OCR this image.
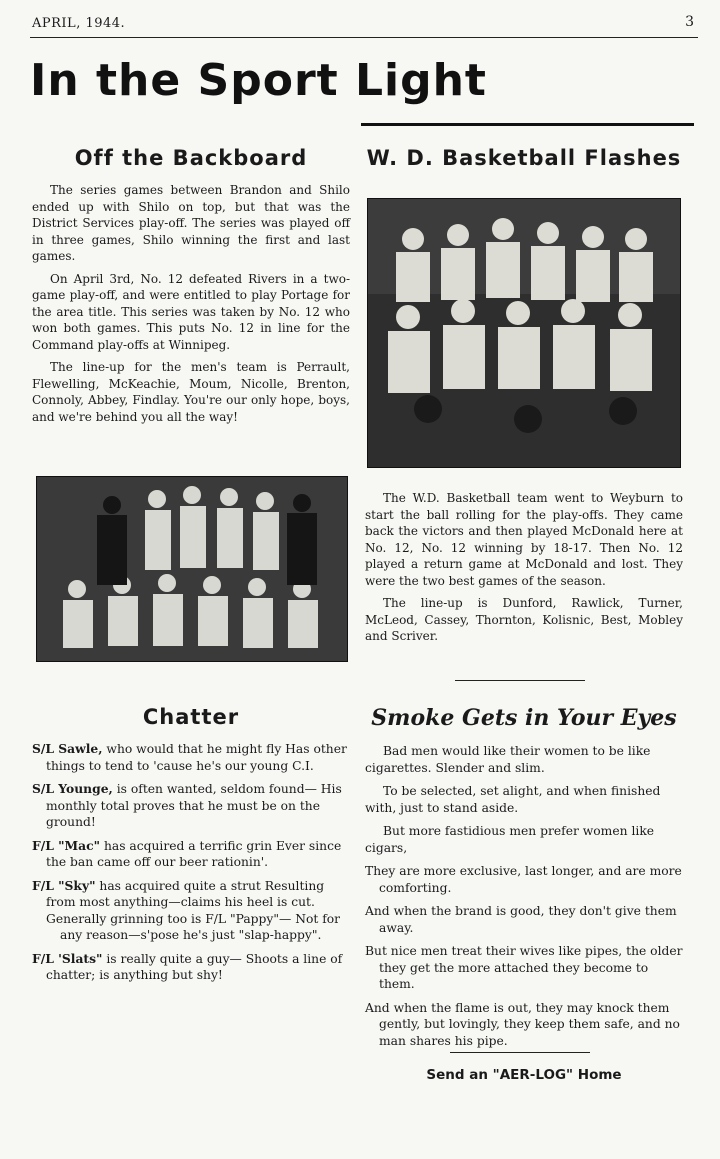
APRIL, 1944.	3
In the Sport Light
Off the Backboard

The series games between Brandon and Shilo ended up with Shilo on top, but that was the District Services play-off. The series was played off in three games, Shilo winning the first and last games.

On April 3rd, No. 12 defeated Rivers in a two-game play-off, and were entitled to play Portage for the area title. This series was taken by No. 12 who won both games. This puts No. 12 in line for the Command play-offs at Winnipeg.

The line-up for the men's team is Perrault, Flewelling, McKeachie, Moum, Nicolle, Brenton, Connoly, Abbey, Findlay. You're our only hope, boys, and we're behind you all the way!

W. D. Basketball Flashes

The W.D. Basketball team went to Weyburn to start the ball rolling for the play-offs. They came back the victors and then played McDonald here at No. 12, No. 12 winning by 18-17. Then No. 12 played a return game at McDonald and lost. They were the two best games of the season.

The line-up is Dunford, Rawlick, Turner, McLeod, Cassey, Thornton, Kolisnic, Best, Mobley and Scriver.

Chatter

S/L Sawle, who would that he might fly Has other things to tend to 'cause he's our young C.I.

S/L Younge, is often wanted, seldom found— His monthly total proves that he must be on the ground!

F/L "Mac" has acquired a terrific grin Ever since the ban came off our beer rationin'.

F/L "Sky" has acquired quite a strut Resulting from most anything—claims his heel is cut.

Generally grinning too is F/L "Pappy"— Not for any reason—s'pose he's just "slap-happy".

F/L 'Slats" is really quite a guy— Shoots a line of chatter; is anything but shy!

Smoke Gets in Your Eyes

Bad men would like their women to be like cigarettes. Slender and slim.

To be selected, set alight, and when finished with, just to stand aside.

But more fastidious men prefer women like cigars,

They are more exclusive, last longer, and are more comforting.

And when the brand is good, they don't give them away.

But nice men treat their wives like pipes, the older they get the more attached they become to them.

And when the flame is out, they may knock them gently, but lovingly, they keep them safe, and no man shares his pipe.

Send an "AER-LOG" Home
